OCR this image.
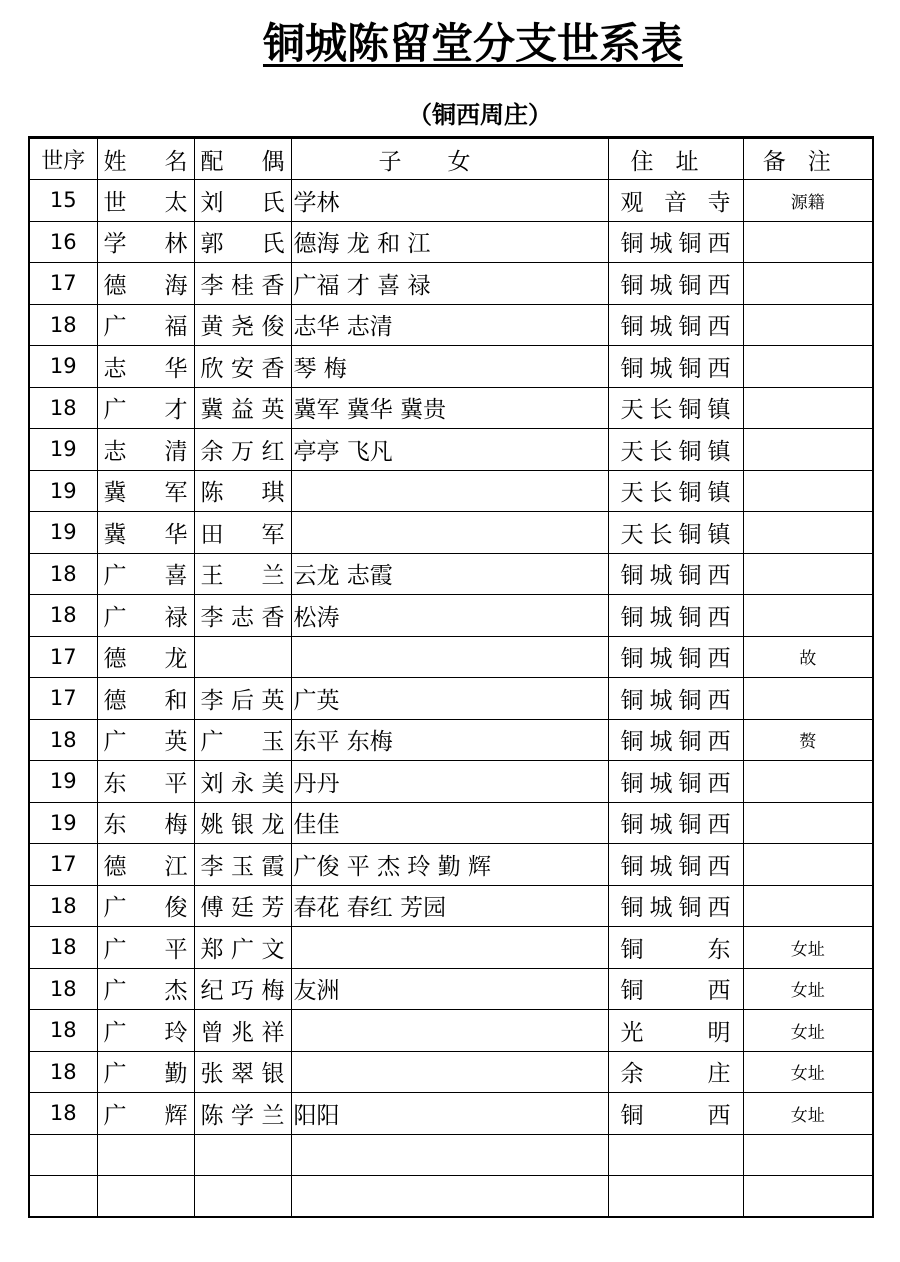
铜城陈留堂分支世系表
（铜西周庄）
世序	姓名	配偶	子女	住址	备注
15	世太	刘氏	学林	观音寺	源籍
16	学林	郭氏	德海 龙 和 江	铜城铜西	
17	德海	李桂香	广福 才 喜 禄	铜城铜西	
18	广福	黄尧俊	志华 志清	铜城铜西	
19	志华	欣安香	琴 梅	铜城铜西	
18	广才	冀益英	冀军 冀华 冀贵	天长铜镇	
19	志清	余万红	亭亭 飞凡	天长铜镇	
19	冀军	陈琪		天长铜镇	
19	冀华	田军		天长铜镇	
18	广喜	王兰	云龙 志霞	铜城铜西	
18	广禄	李志香	松涛	铜城铜西	
17	德龙			铜城铜西	故
17	德和	李后英	广英	铜城铜西	
18	广英	广玉	东平 东梅	铜城铜西	赘
19	东平	刘永美	丹丹	铜城铜西	
19	东梅	姚银龙	佳佳	铜城铜西	
17	德江	李玉霞	广俊 平 杰 玲 勤 辉	铜城铜西	
18	广俊	傅廷芳	春花 春红 芳园	铜城铜西	
18	广平	郑广文		铜东	女址
18	广杰	纪巧梅	友洲	铜西	女址
18	广玲	曾兆祥		光明	女址
18	广勤	张翠银		余庄	女址
18	广辉	陈学兰	阳阳	铜西	女址
